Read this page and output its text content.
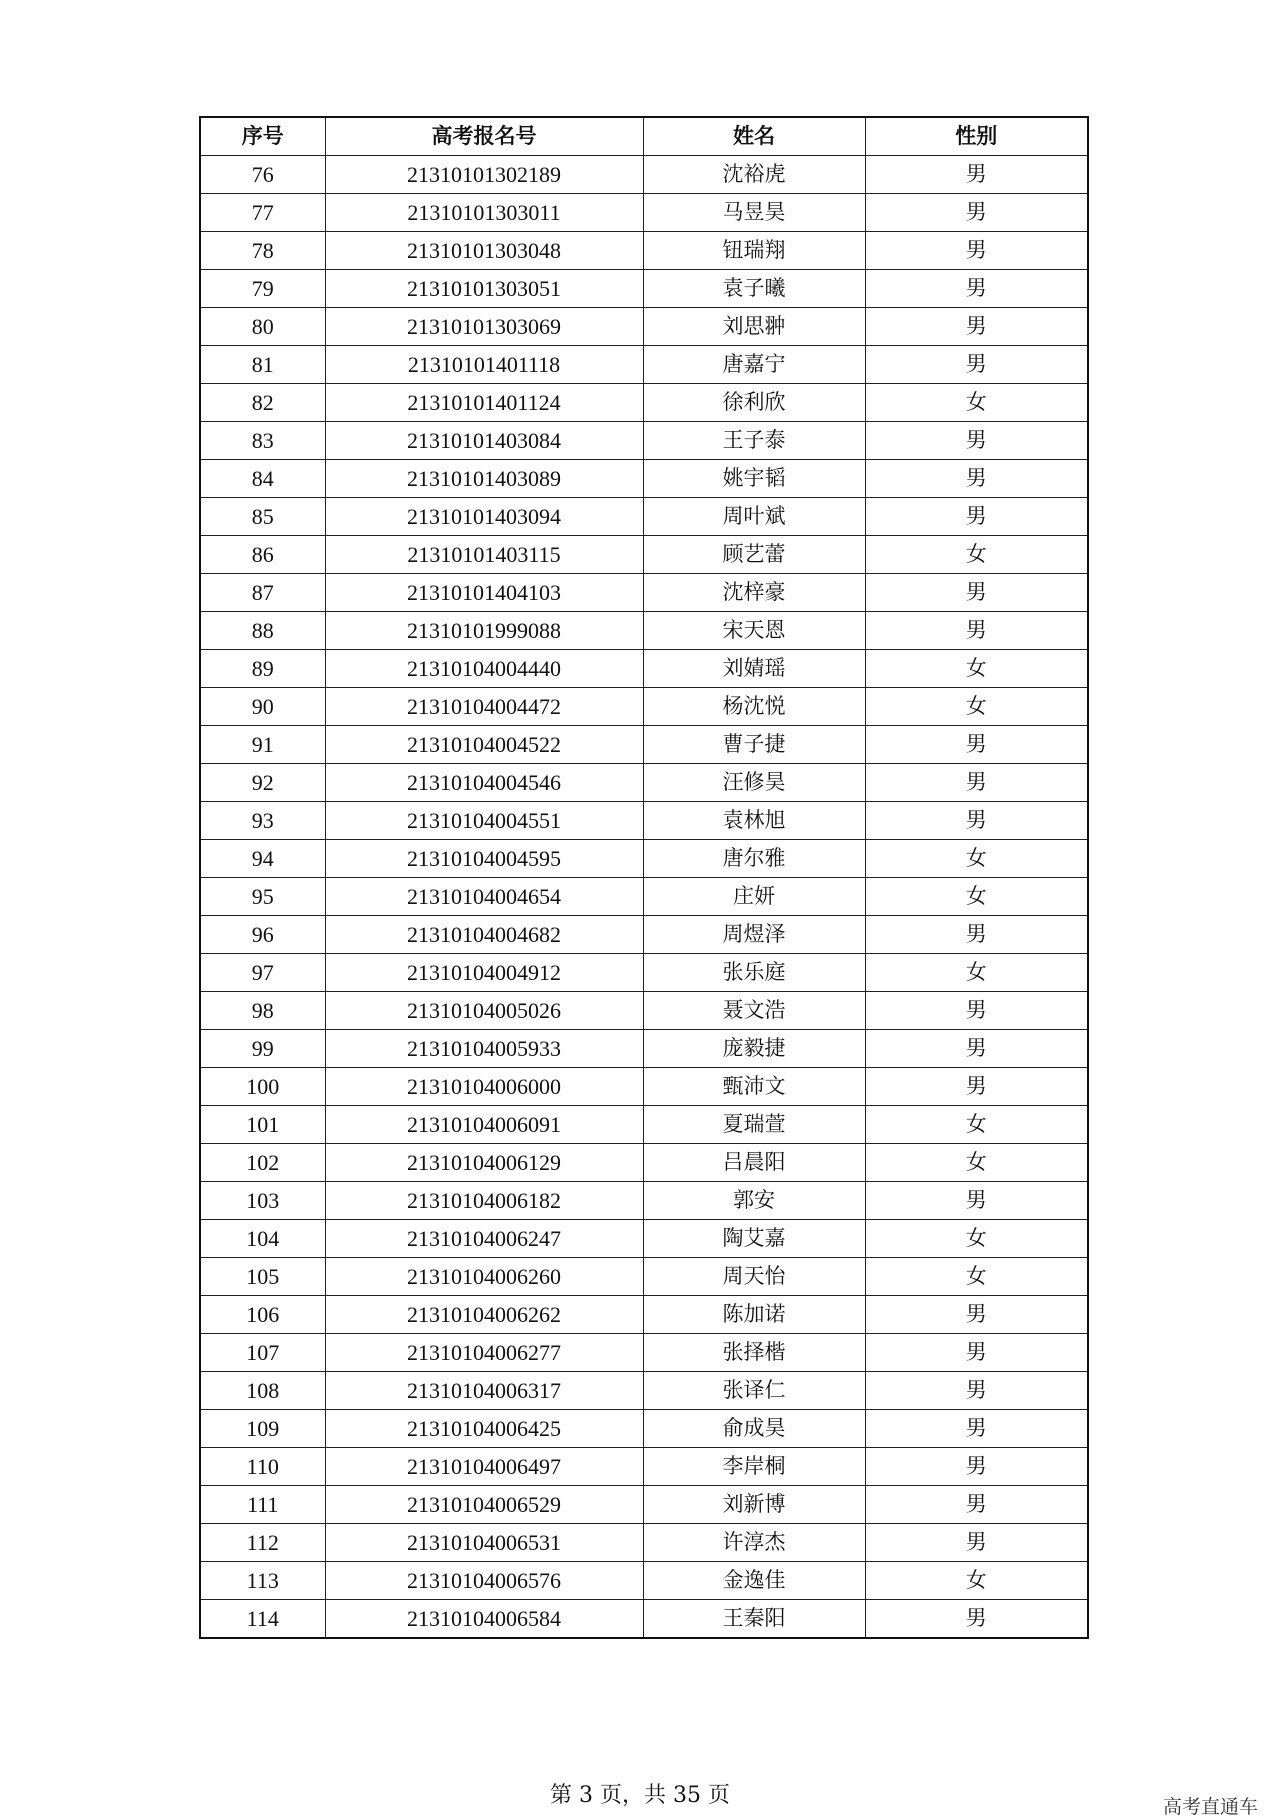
序号	高考报名号	姓名	性别
76	21310101302189	沈裕虎	男
77	21310101303011	马昱昊	男
78	21310101303048	钮瑞翔	男
79	21310101303051	袁子曦	男
80	21310101303069	刘思翀	男
81	21310101401118	唐嘉宁	男
82	21310101401124	徐利欣	女
83	21310101403084	王子泰	男
84	21310101403089	姚宇韬	男
85	21310101403094	周叶斌	男
86	21310101403115	顾艺蕾	女
87	21310101404103	沈梓豪	男
88	21310101999088	宋天恩	男
89	21310104004440	刘婧瑶	女
90	21310104004472	杨沈悦	女
91	21310104004522	曹子捷	男
92	21310104004546	汪修昊	男
93	21310104004551	袁林旭	男
94	21310104004595	唐尔雅	女
95	21310104004654	庄妍	女
96	21310104004682	周煜泽	男
97	21310104004912	张乐庭	女
98	21310104005026	聂文浩	男
99	21310104005933	庞毅捷	男
100	21310104006000	甄沛文	男
101	21310104006091	夏瑞萱	女
102	21310104006129	吕晨阳	女
103	21310104006182	郭安	男
104	21310104006247	陶艾嘉	女
105	21310104006260	周天怡	女
106	21310104006262	陈加诺	男
107	21310104006277	张择楷	男
108	21310104006317	张译仁	男
109	21310104006425	俞成昊	男
110	21310104006497	李岸桐	男
111	21310104006529	刘新博	男
112	21310104006531	许淳杰	男
113	21310104006576	金逸佳	女
114	21310104006584	王秦阳	男
第 3 页，共 35 页	高考直通车
